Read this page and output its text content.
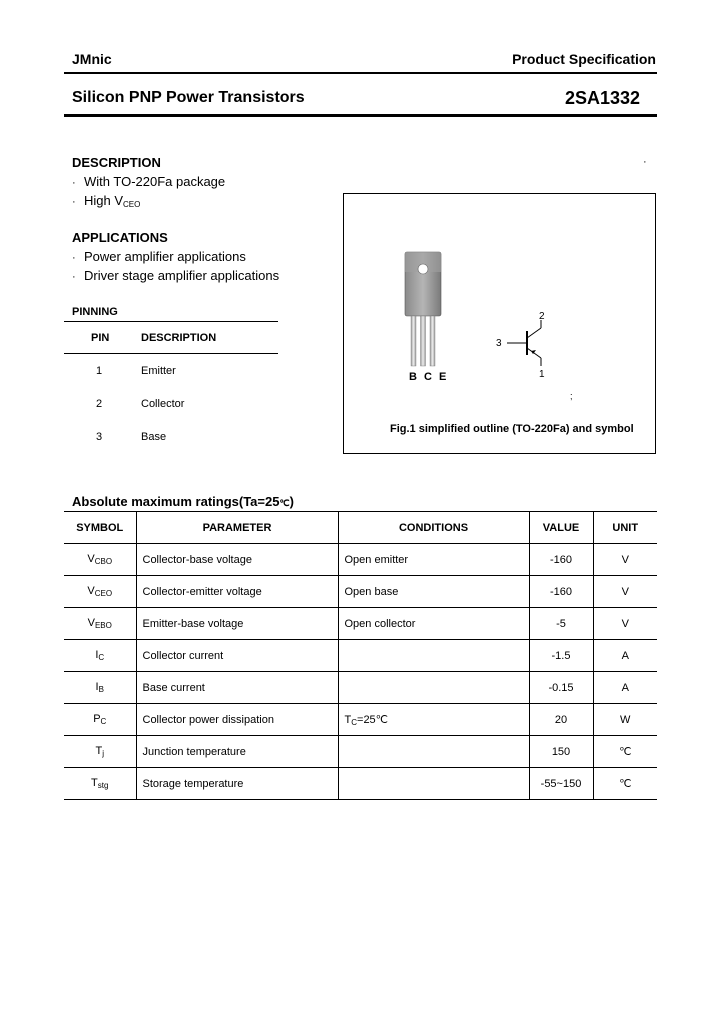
JMnic	Product Specification
Silicon PNP Power Transistors	2SA1332
DESCRIPTION
· With TO-220Fa package
· High $V_{CEO}$
·
APPLICATIONS
· Power amplifier applications
· Driver stage amplifier applications
PINNING
PIN	DESCRIPTION
1	Emitter
2	Collector
3	Base
B C E
2
3
1
;
Fig.1 simplified outline (TO-220Fa) and symbol
Absolute maximum ratings(Ta=25℃)
SYMBOL	PARAMETER	CONDITIONS	VALUE	UNIT
$V_{CBO}$	Collector-base voltage	Open emitter	-160	V
$V_{CEO}$	Collector-emitter voltage	Open base	-160	V
$V_{EBO}$	Emitter-base voltage	Open collector	-5	V
$I_C$	Collector current		-1.5	A
$I_B$	Base current		-0.15	A
$P_C$	Collector power dissipation	$T_C=25℃$	20	W
$T_j$	Junction temperature		150	℃
$T_{stg}$	Storage temperature		-55~150	℃
